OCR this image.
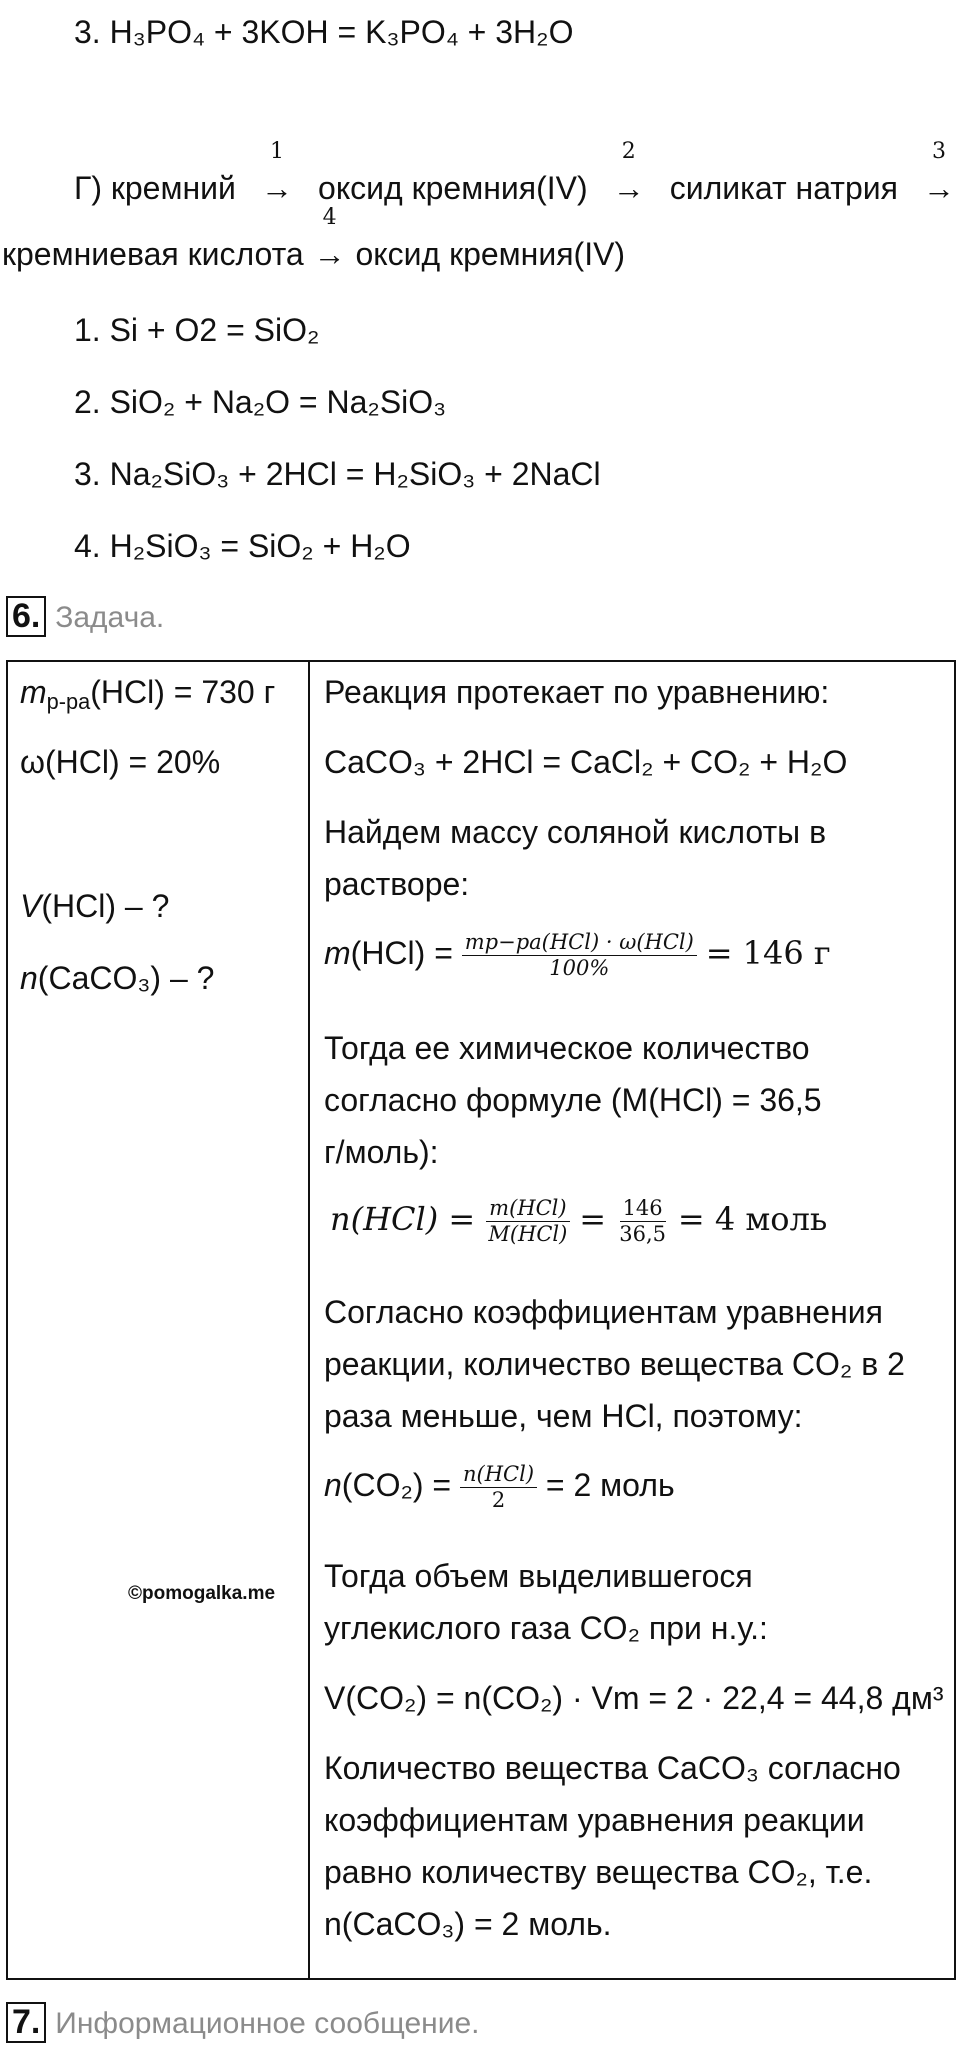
3. H₃PO₄ + 3KOH = K₃PO₄ + 3H₂O
Г) кремний
1
→ оксид кремния(IV)
2
→ силикат натрия
3
→
кремниевая кислота
4
→ оксид кремния(IV)
1. Si + O2 = SiO₂
2. SiO₂ + Na₂O = Na₂SiO₃
3. Na₂SiO₃ + 2HCl = H₂SiO₃ + 2NaCl
4. H₂SiO₃ = SiO₂ + H₂O
6. Задача.
$m_{р-ра}(HCl) = 730$ г
ω(HCl) = 20%
V(HCl) – ?
n(CaCO₃) – ?
Реакция протекает по уравнению:
CaCO₃ + 2HCl = CaCl₂ + CO₂ + H₂O
Найдем массу соляной кислоты в
растворе:
$m(HCl) = \frac{\text{mp−pa(HCl) · ω(HCl)}}{100\%} = 146$ г
Тогда ее химическое количество
согласно формуле (M(HCl) = 36,5
г/моль):
$n(HCl) = \frac{\text{m(HCl)}}{\text{M(HCl)}} = \frac{146}{36,5} = 4$ моль
Согласно коэффициентам уравнения
реакции, количество вещества CO₂ в 2
раза меньше, чем HCl, поэтому:
$n(CO_2) = \frac{\text{n(HCl)}}{2} = 2$ моль
Тогда объем выделившегося
углекислого газа CO₂ при н.у.:
V(CO₂) = n(CO₂) · Vm = 2 · 22,4 = 44,8 дм³
Количество вещества CaCO₃ согласно
коэффициентам уравнения реакции
равно количеству вещества CO₂, т.е.
n(CaCO₃) = 2 моль.
©pomogalka.me
7. Информационное сообщение.
